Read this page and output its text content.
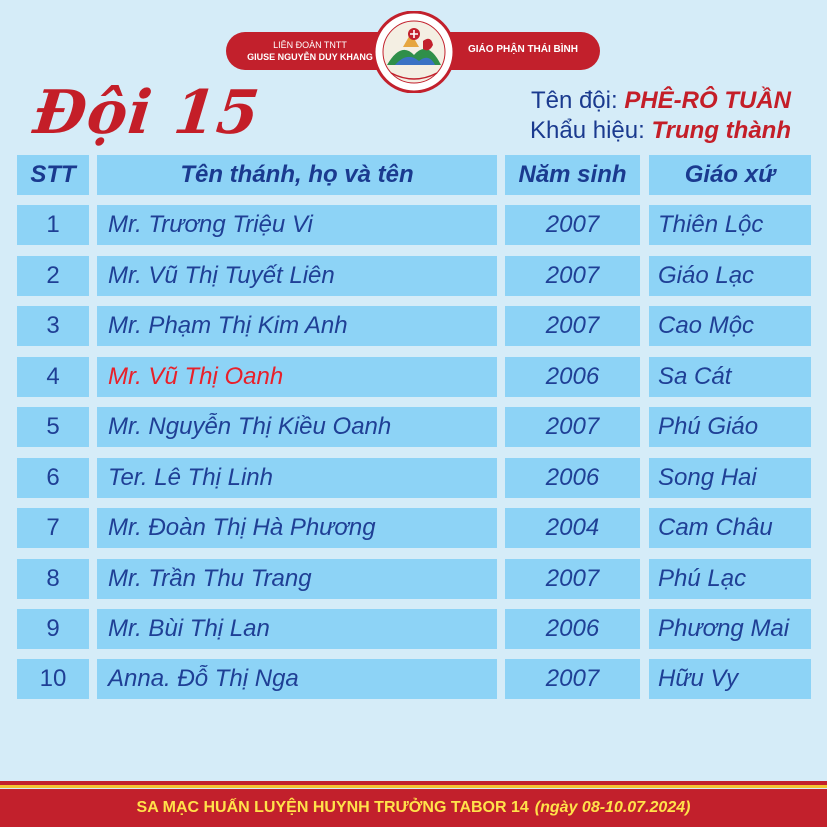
LIÊN ĐOÀN TNTT
GIUSE NGUYỄN DUY KHANG
GIÁO PHẬN THÁI BÌNH
Đội 15	Tên đội: PHÊ-RÔ TUẦN
Khẩu hiệu: Trung thành
STT	Tên thánh, họ và tên	Năm sinh	Giáo xứ
1	Mr. Trương Triệu Vi	2007	Thiên Lộc
2	Mr. Vũ Thị Tuyết Liên	2007	Giáo Lạc
3	Mr. Phạm Thị Kim Anh	2007	Cao Mộc
4	Mr. Vũ Thị Oanh	2006	Sa Cát
5	Mr. Nguyễn Thị Kiều Oanh	2007	Phú Giáo
6	Ter. Lê Thị Linh	2006	Song Hai
7	Mr. Đoàn Thị Hà Phương	2004	Cam Châu
8	Mr. Trần Thu Trang	2007	Phú Lạc
9	Mr. Bùi Thị Lan	2006	Phương Mai
10	Anna. Đỗ Thị Nga	2007	Hữu Vy
SA MẠC HUẤN LUYỆN HUYNH TRƯỞNG TABOR 14 (ngày 08-10.07.2024)
